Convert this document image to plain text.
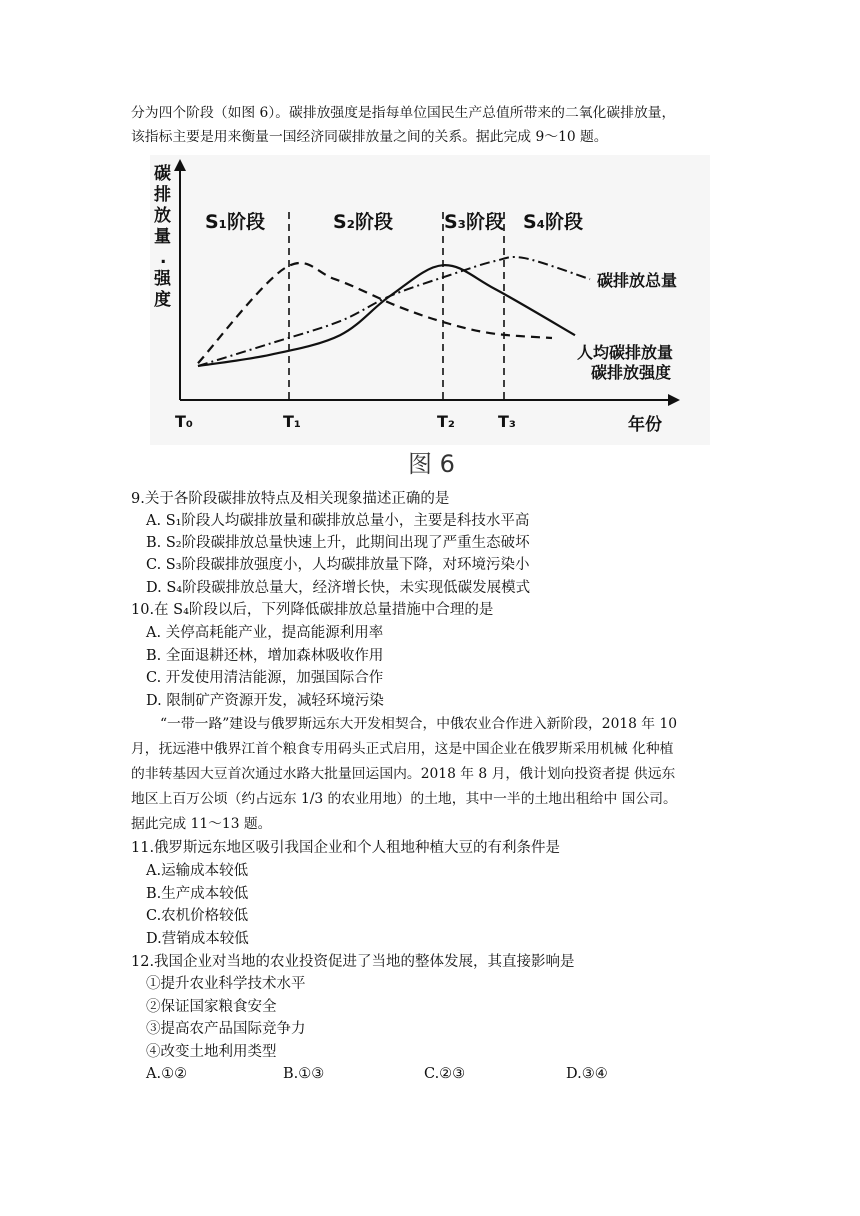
分为四个阶段（如图 6）。碳排放强度是指每单位国民生产总值所带来的二氧化碳排放量，
该指标主要是用来衡量一国经济同碳排放量之间的关系。据此完成 9～10 题。
碳
排
放
量
.
强
度
年份
S₁阶段	S₂阶段	S₃阶段 S₄阶段
T₀	T₁	T₂	T₃
碳排放总量
人均碳排放量
碳排放强度
图 6
9.关于各阶段碳排放特点及相关现象描述正确的是
A. S₁阶段人均碳排放量和碳排放总量小，主要是科技水平高
B. S₂阶段碳排放总量快速上升，此期间出现了严重生态破坏
C. S₃阶段碳排放强度小，人均碳排放量下降，对环境污染小
D. S₄阶段碳排放总量大，经济增长快，未实现低碳发展模式
10.在 S₄阶段以后，下列降低碳排放总量措施中合理的是
A. 关停高耗能产业，提高能源利用率
B. 全面退耕还林，增加森林吸收作用
C. 开发使用清洁能源，加强国际合作
D. 限制矿产资源开发，减轻环境污染
“一带一路”建设与俄罗斯远东大开发相契合，中俄农业合作进入新阶段，2018 年 10
月，抚远港中俄界江首个粮食专用码头正式启用，这是中国企业在俄罗斯采用机械 化种植
的非转基因大豆首次通过水路大批量回运国内。2018 年 8 月，俄计划向投资者提 供远东
地区上百万公顷（约占远东 1/3 的农业用地）的土地，其中一半的土地出租给中 国公司。
据此完成 11～13 题。
11.俄罗斯远东地区吸引我国企业和个人租地种植大豆的有利条件是
A.运输成本较低
B.生产成本较低
C.农机价格较低
D.营销成本较低
12.我国企业对当地的农业投资促进了当地的整体发展，其直接影响是
①提升农业科学技术水平
②保证国家粮食安全
③提高农产品国际竞争力
④改变土地利用类型
A.①②	B.①③	C.②③	D.③④
